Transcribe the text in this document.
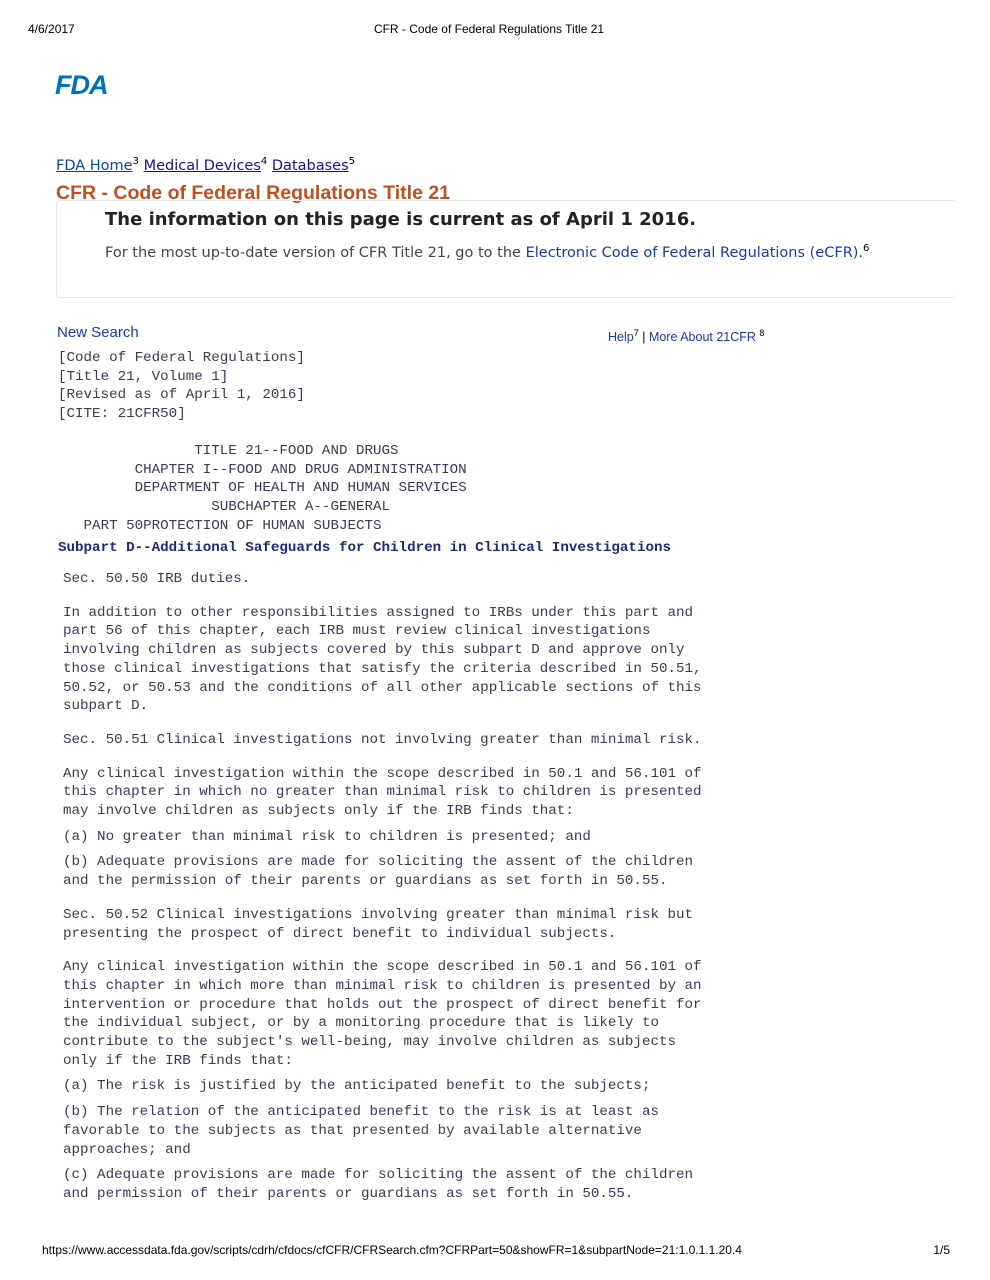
4/6/2017	CFR - Code of Federal Regulations Title 21
FDA
FDA Home$^3$ Medical Devices$^4$ Databases$^5$
CFR - Code of Federal Regulations Title 21
The information on this page is current as of April 1 2016.
For the most up-to-date version of CFR Title 21, go to the Electronic Code of Federal Regulations (eCFR).$^6$
New Search	Help$^7$ | More About 21CFR $^8$
[Code of Federal Regulations]
[Title 21, Volume 1]
[Revised as of April 1, 2016]
[CITE: 21CFR50]
TITLE 21--FOOD AND DRUGS
CHAPTER I--FOOD AND DRUG ADMINISTRATION
DEPARTMENT OF HEALTH AND HUMAN SERVICES
SUBCHAPTER A--GENERAL
PART 50PROTECTION OF HUMAN SUBJECTS
Subpart D--Additional Safeguards for Children in Clinical Investigations

Sec. 50.50 IRB duties.

In addition to other responsibilities assigned to IRBs under this part and
part 56 of this chapter, each IRB must review clinical investigations
involving children as subjects covered by this subpart D and approve only
those clinical investigations that satisfy the criteria described in 50.51,
50.52, or 50.53 and the conditions of all other applicable sections of this
subpart D.

Sec. 50.51 Clinical investigations not involving greater than minimal risk.

Any clinical investigation within the scope described in 50.1 and 56.101 of
this chapter in which no greater than minimal risk to children is presented
may involve children as subjects only if the IRB finds that:

(a) No greater than minimal risk to children is presented; and

(b) Adequate provisions are made for soliciting the assent of the children
and the permission of their parents or guardians as set forth in 50.55.

Sec. 50.52 Clinical investigations involving greater than minimal risk but
presenting the prospect of direct benefit to individual subjects.

Any clinical investigation within the scope described in 50.1 and 56.101 of
this chapter in which more than minimal risk to children is presented by an
intervention or procedure that holds out the prospect of direct benefit for
the individual subject, or by a monitoring procedure that is likely to
contribute to the subject's well-being, may involve children as subjects
only if the IRB finds that:

(a) The risk is justified by the anticipated benefit to the subjects;

(b) The relation of the anticipated benefit to the risk is at least as
favorable to the subjects as that presented by available alternative
approaches; and

(c) Adequate provisions are made for soliciting the assent of the children
and permission of their parents or guardians as set forth in 50.55.

https://www.accessdata.fda.gov/scripts/cdrh/cfdocs/cfCFR/CFRSearch.cfm?CFRPart=50&showFR=1&subpartNode=21:1.0.1.1.20.4	1/5
